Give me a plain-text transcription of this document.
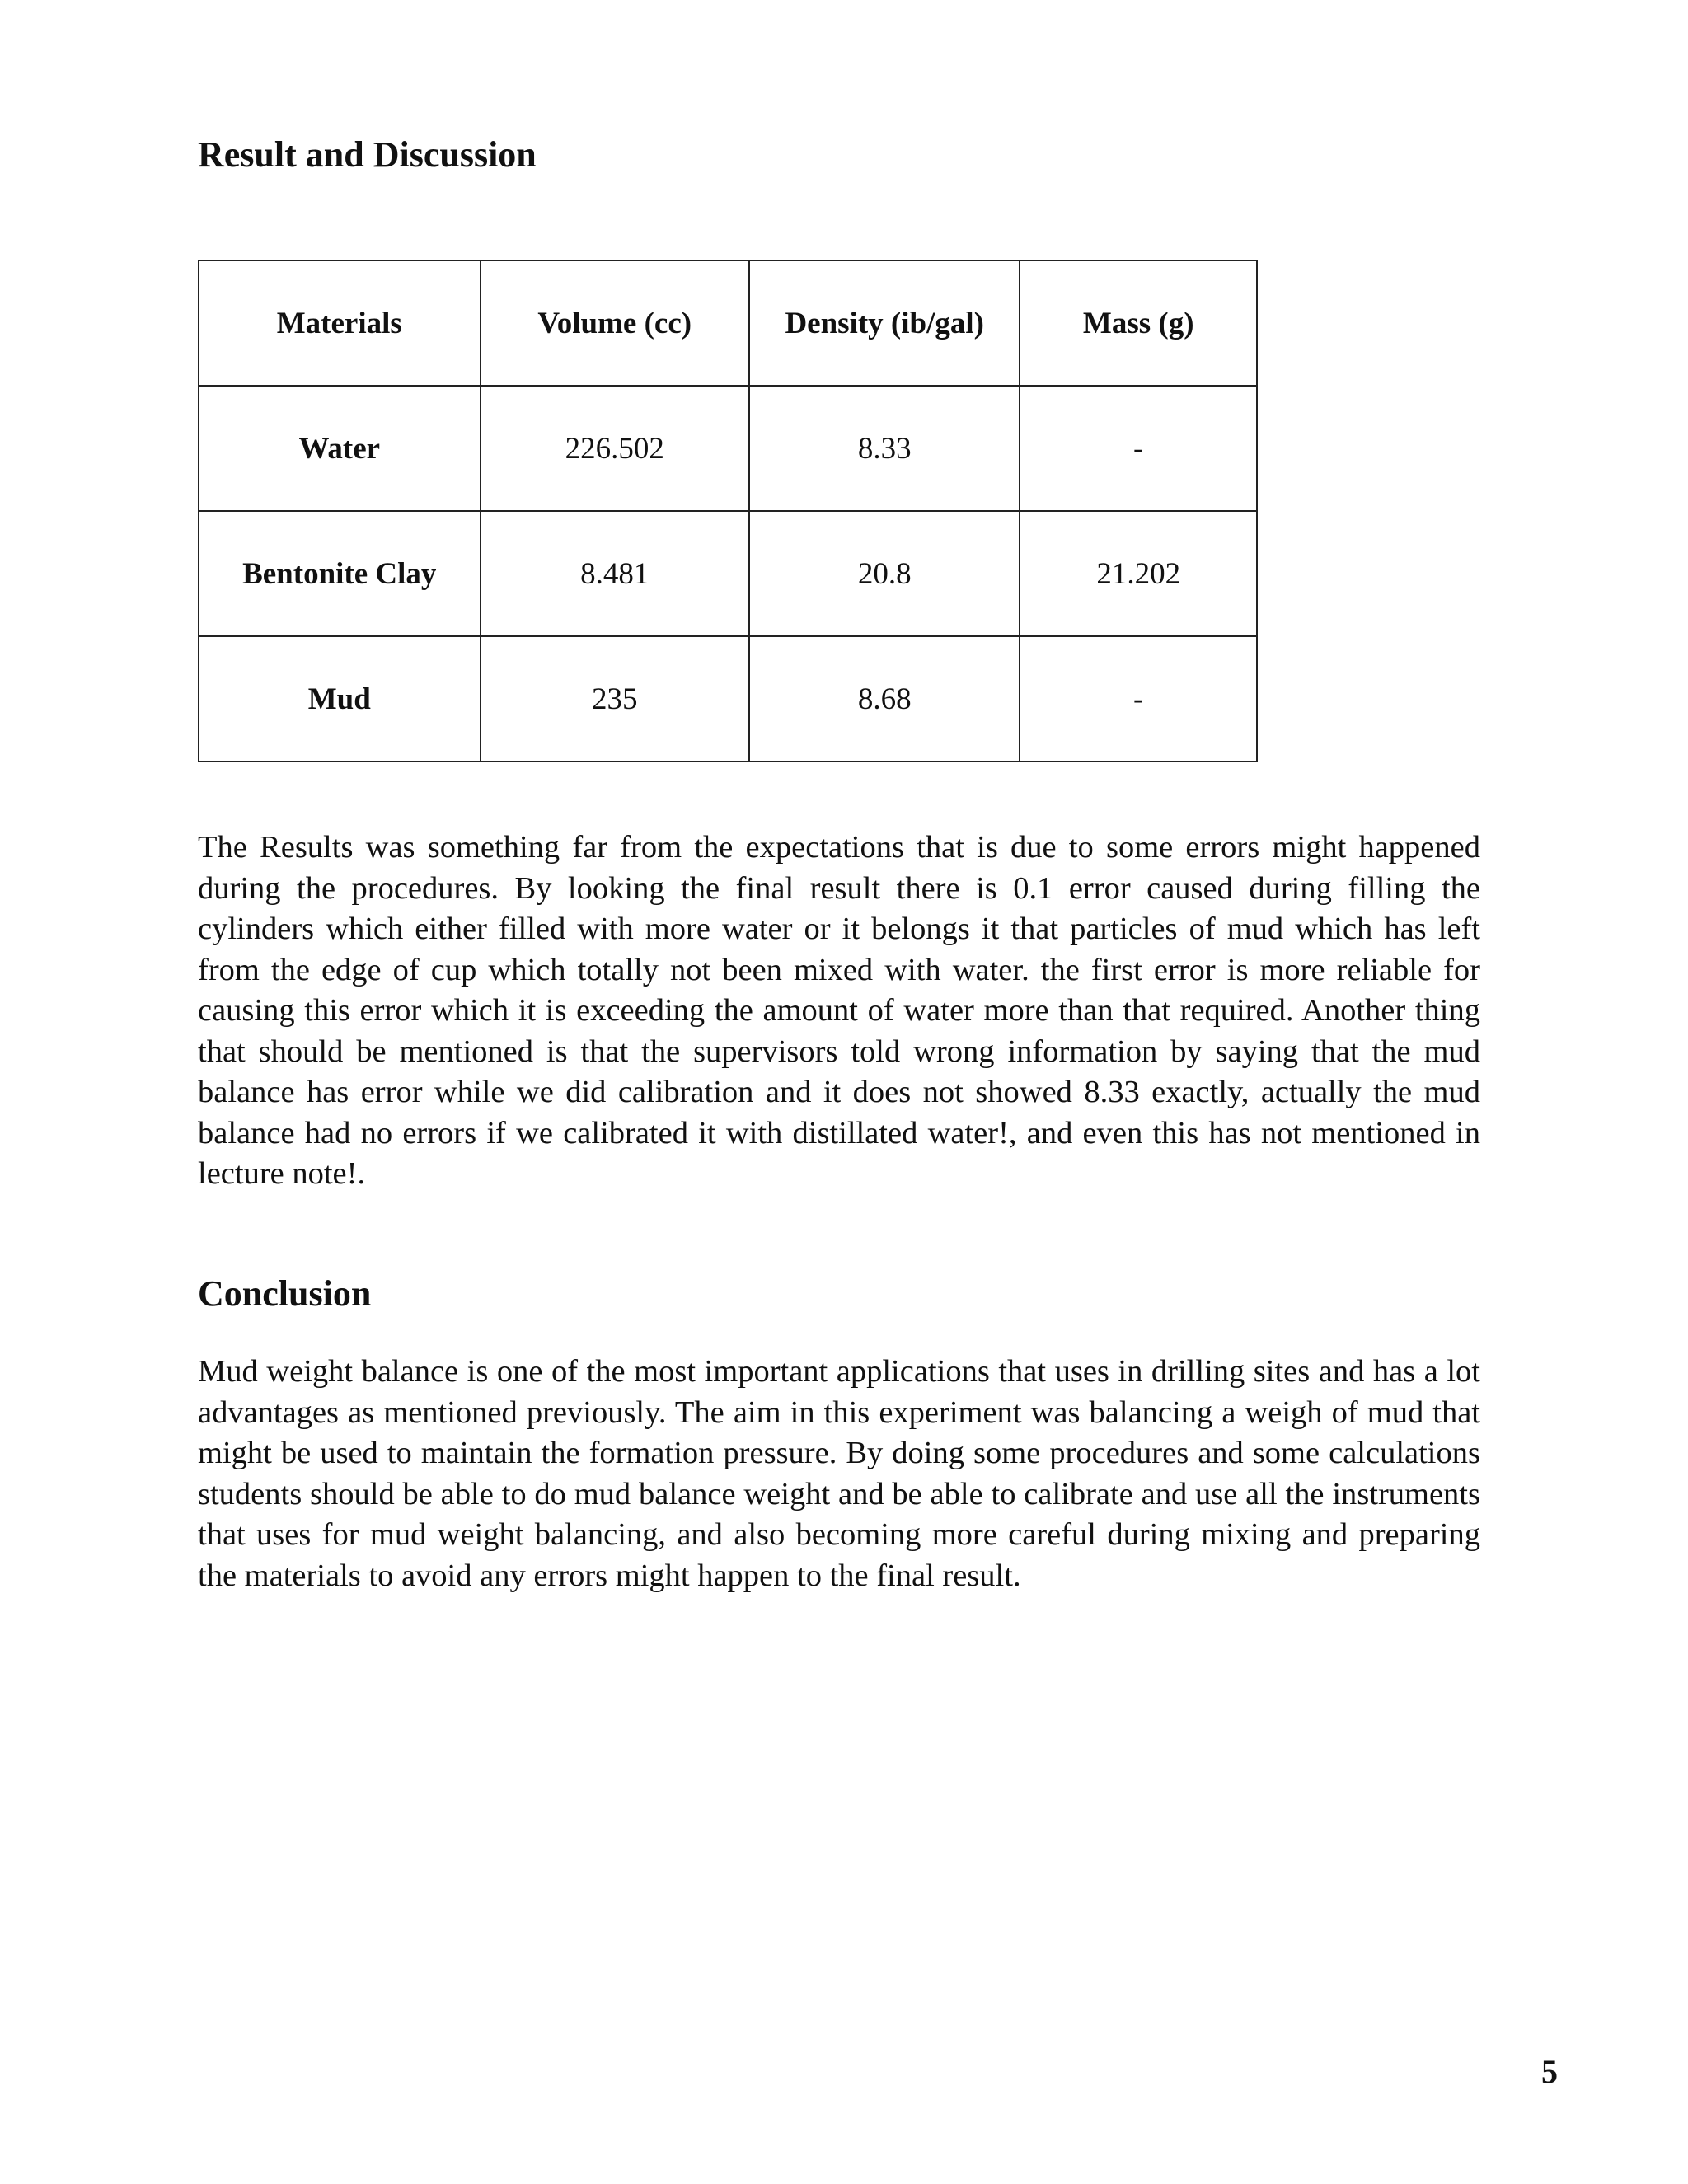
Result and Discussion
Materials	Volume (cc)	Density (ib/gal)	Mass (g)
Water	226.502	8.33	-
Bentonite Clay	8.481	20.8	21.202
Mud	235	8.68	-

The Results was something far from the expectations that is due to some errors might happened during the procedures. By looking the final result there is 0.1 error caused during filling the cylinders which either filled with more water or it belongs it that particles of mud which has left from the edge of cup which totally not been mixed with water. the first error is more reliable for causing this error which it is exceeding the amount of water more than that required. Another thing that should be mentioned is that the supervisors told wrong information by saying that the mud balance has error while we did calibration and it does not showed 8.33 exactly, actually the mud balance had no errors if we calibrated it with distillated water!, and even this has not mentioned in lecture note!.

Conclusion

Mud weight balance is one of the most important applications that uses in drilling sites and has a lot advantages as mentioned previously. The aim in this experiment was balancing a weigh of mud that might be used to maintain the formation pressure. By doing some procedures and some calculations students should be able to do mud balance weight and be able to calibrate and use all the instruments that uses for mud weight balancing, and also becoming more careful during mixing and preparing the materials to avoid any errors might happen to the final result.

5
